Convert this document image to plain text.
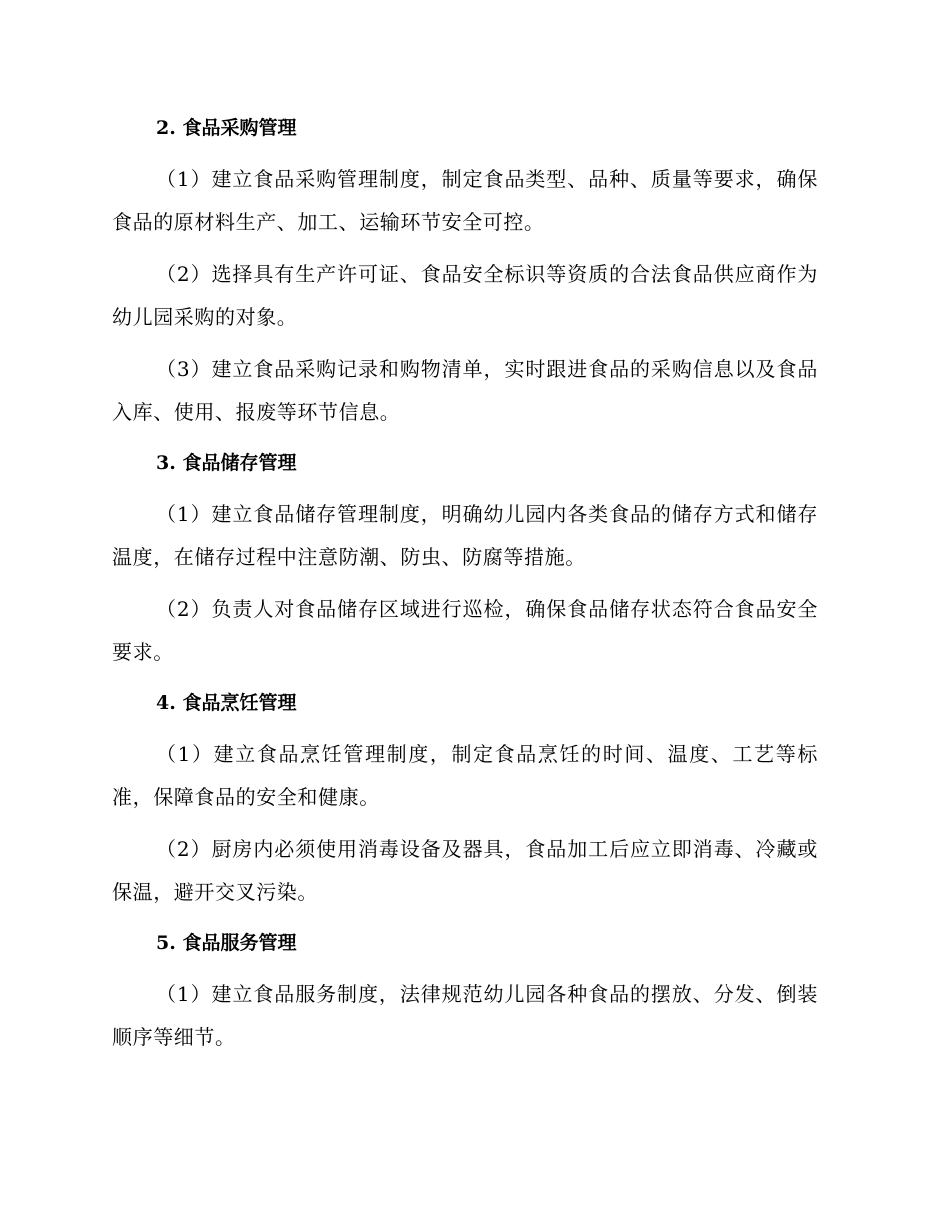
2. 食品采购管理

（1）建立食品采购管理制度，制定食品类型、品种、质量等要求，确保食品的原材料生产、加工、运输环节安全可控。

（2）选择具有生产许可证、食品安全标识等资质的合法食品供应商作为幼儿园采购的对象。

（3）建立食品采购记录和购物清单，实时跟进食品的采购信息以及食品入库、使用、报废等环节信息。

3. 食品储存管理

（1）建立食品储存管理制度，明确幼儿园内各类食品的储存方式和储存温度，在储存过程中注意防潮、防虫、防腐等措施。

（2）负责人对食品储存区域进行巡检，确保食品储存状态符合食品安全要求。

4. 食品烹饪管理

（1）建立食品烹饪管理制度，制定食品烹饪的时间、温度、工艺等标准，保障食品的安全和健康。

（2）厨房内必须使用消毒设备及器具，食品加工后应立即消毒、冷藏或保温，避开交叉污染。

5. 食品服务管理

（1）建立食品服务制度，法律规范幼儿园各种食品的摆放、分发、倒装顺序等细节。
